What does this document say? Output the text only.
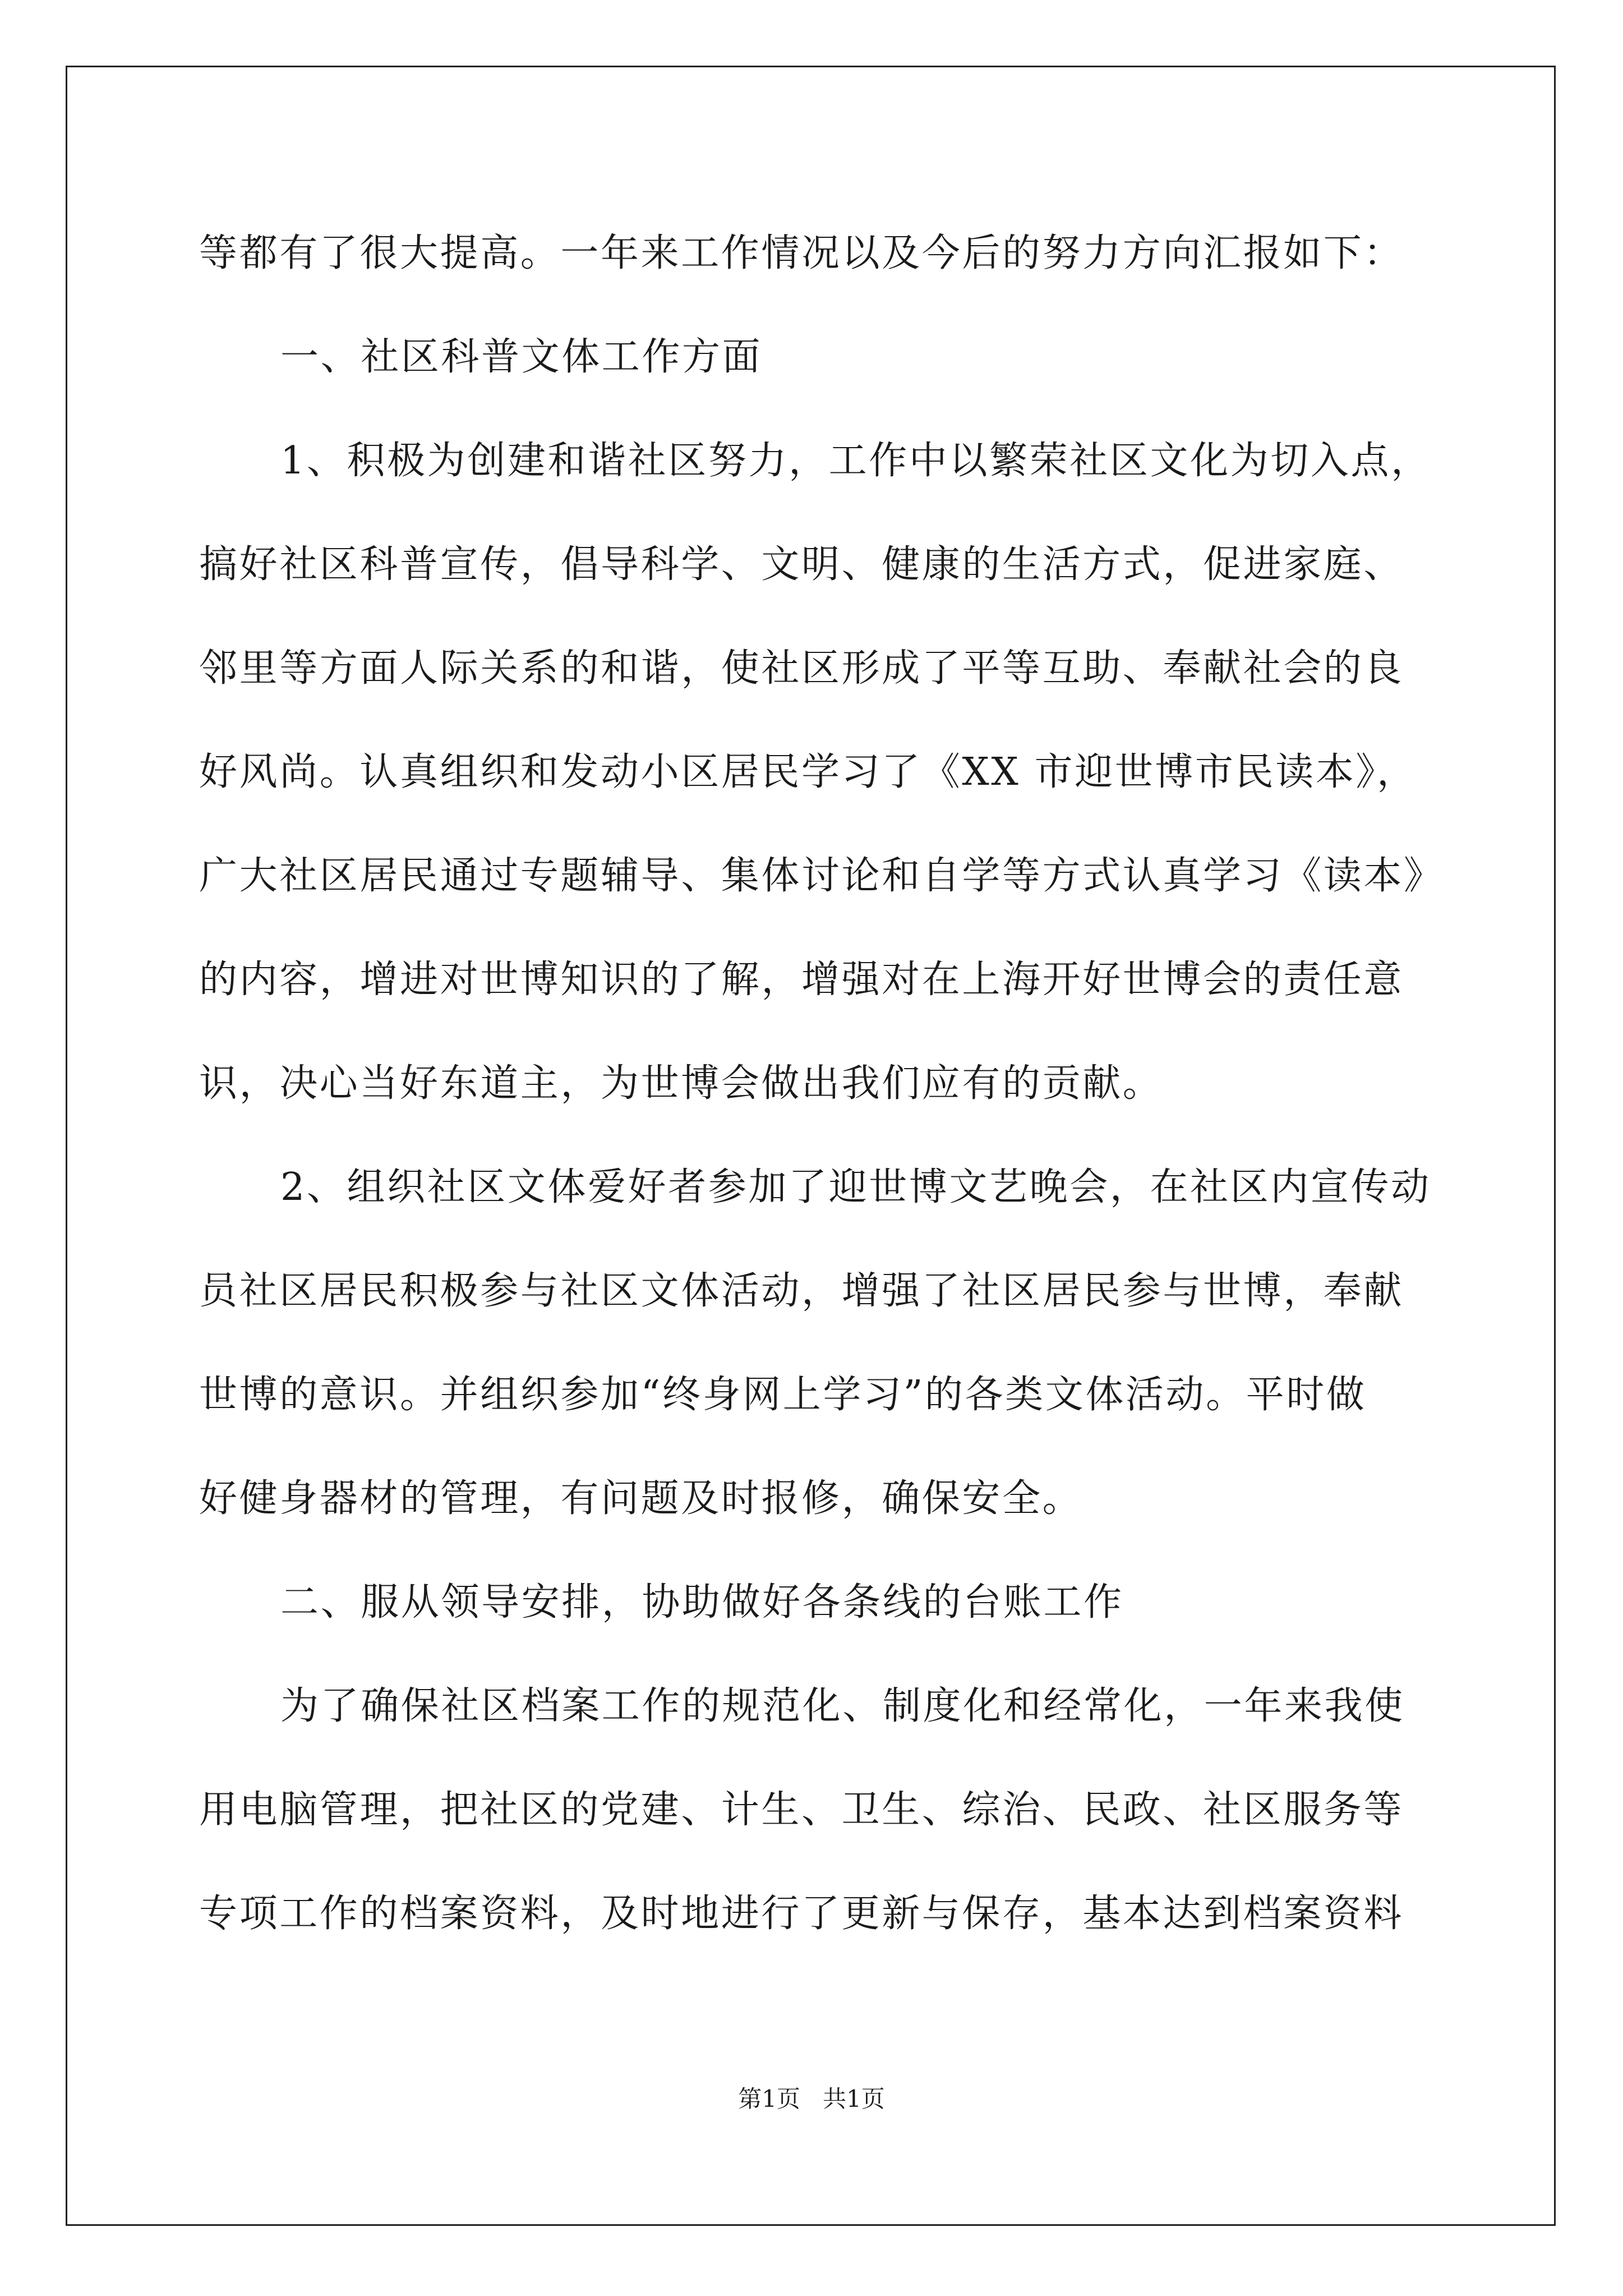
等都有了很大提高。一年来工作情况以及今后的努力方向汇报如下：
一、社区科普文体工作方面
1、积极为创建和谐社区努力，工作中以繁荣社区文化为切入点，
搞好社区科普宣传，倡导科学、文明、健康的生活方式，促进家庭、
邻里等方面人际关系的和谐，使社区形成了平等互助、奉献社会的良
好风尚。认真组织和发动小区居民学习了《XX 市迎世博市民读本》，
广大社区居民通过专题辅导、集体讨论和自学等方式认真学习《读本》
的内容，增进对世博知识的了解，增强对在上海开好世博会的责任意
识，决心当好东道主，为世博会做出我们应有的贡献。
2、组织社区文体爱好者参加了迎世博文艺晚会，在社区内宣传动
员社区居民积极参与社区文体活动，增强了社区居民参与世博，奉献
世博的意识。并组织参加“终身网上学习”的各类文体活动。平时做
好健身器材的管理，有问题及时报修，确保安全。
二、服从领导安排，协助做好各条线的台账工作
为了确保社区档案工作的规范化、制度化和经常化，一年来我使
用电脑管理，把社区的党建、计生、卫生、综治、民政、社区服务等
专项工作的档案资料，及时地进行了更新与保存，基本达到档案资料
第1页   共1页
